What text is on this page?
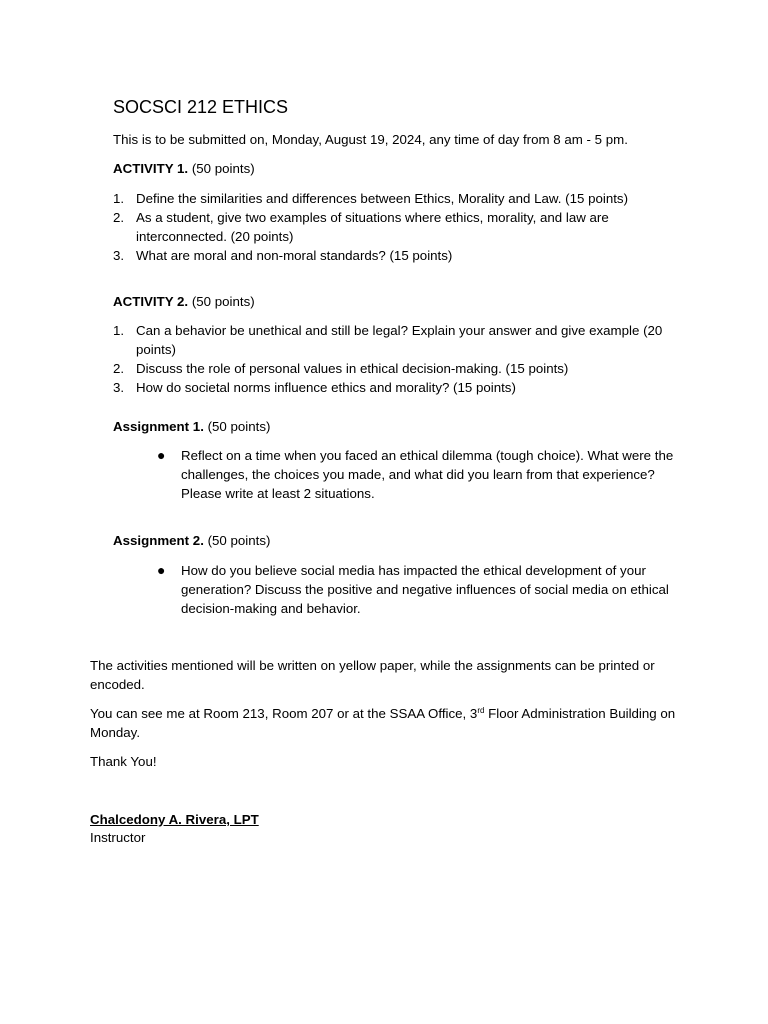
SOCSCI 212 ETHICS

This is to be submitted on, Monday, August 19, 2024, any time of day from 8 am - 5 pm.

ACTIVITY 1. (50 points)

1. Define the similarities and differences between Ethics, Morality and Law. (15 points)
2. As a student, give two examples of situations where ethics, morality, and law are interconnected. (20 points)
3. What are moral and non-moral standards? (15 points)

ACTIVITY 2. (50 points)

1. Can a behavior be unethical and still be legal? Explain your answer and give example (20 points)
2. Discuss the role of personal values in ethical decision-making. (15 points)
3. How do societal norms influence ethics and morality? (15 points)

Assignment 1. (50 points)

● Reflect on a time when you faced an ethical dilemma (tough choice). What were the challenges, the choices you made, and what did you learn from that experience? Please write at least 2 situations.

Assignment 2. (50 points)

● How do you believe social media has impacted the ethical development of your generation? Discuss the positive and negative influences of social media on ethical decision-making and behavior.

The activities mentioned will be written on yellow paper, while the assignments can be printed or encoded.

You can see me at Room 213, Room 207 or at the SSAA Office, 3rd Floor Administration Building on Monday.

Thank You!

Chalcedony A. Rivera, LPT

Instructor
